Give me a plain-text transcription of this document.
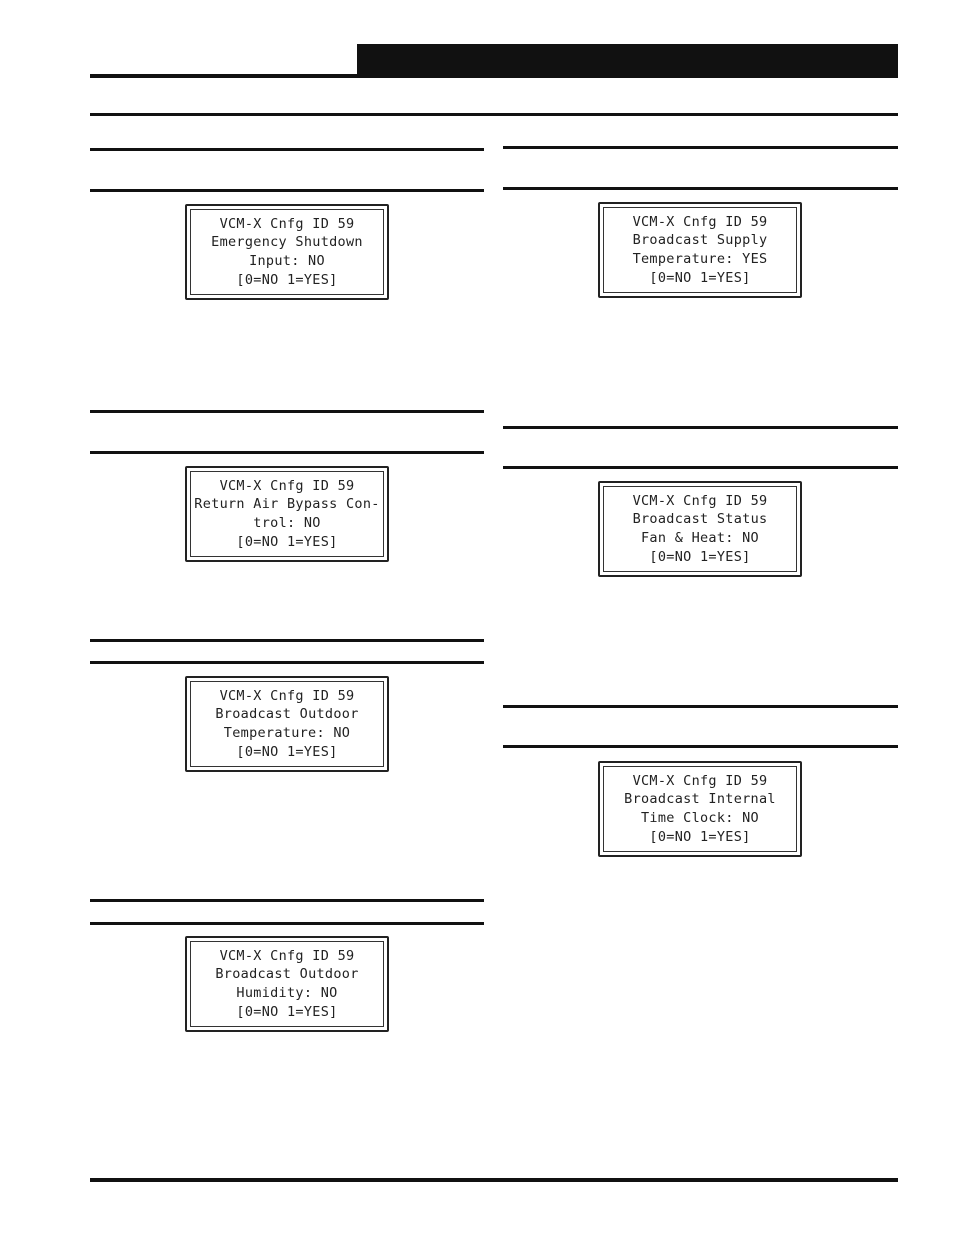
VCM-X Cnfg ID 59
Emergency Shutdown
Input: NO
[0=NO 1=YES]
VCM-X Cnfg ID 59
Return Air Bypass Con-
trol: NO
[0=NO 1=YES]
VCM-X Cnfg ID 59
Broadcast Outdoor
Temperature: NO
[0=NO 1=YES]
VCM-X Cnfg ID 59
Broadcast Outdoor
Humidity: NO
[0=NO 1=YES]
VCM-X Cnfg ID 59
Broadcast Supply
Temperature: YES
[0=NO 1=YES]
VCM-X Cnfg ID 59
Broadcast Status
Fan & Heat: NO
[0=NO 1=YES]
VCM-X Cnfg ID 59
Broadcast Internal
Time Clock: NO
[0=NO 1=YES]
